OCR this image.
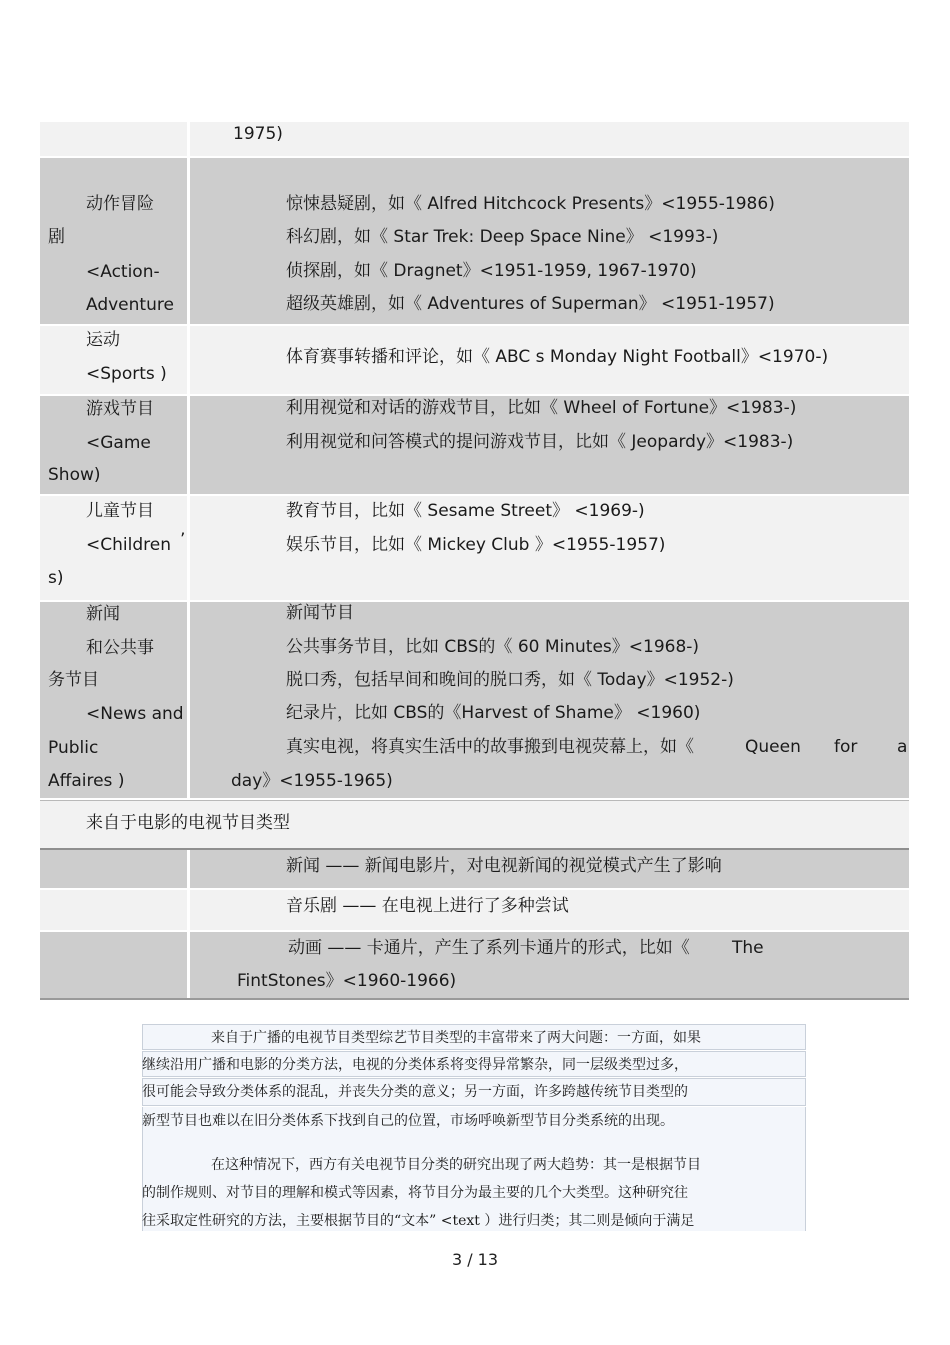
1975)
动作冒险
剧
<Action-
Adventure
惊悚悬疑剧，如《 Alfred Hitchcock Presents》<1955-1986)
科幻剧，如《 Star Trek: Deep Space Nine》 <1993-)
侦探剧，如《 Dragnet》<1951-1959, 1967-1970)
超级英雄剧，如《 Adventures of Superman》 <1951-1957)
运动
<Sports )
体育赛事转播和评论，如《 ABC s Monday Night Football》<1970-)
游戏节目
<Game
Show)
利用视觉和对话的游戏节目，比如《 Wheel of Fortune》<1983-)
利用视觉和问答模式的提问游戏节目，比如《 Jeopardy》<1983-)
儿童节目
<Children ’
s)
教育节目，比如《 Sesame Street》 <1969-)
娱乐节目，比如《 Mickey Club 》<1955-1957)
新闻
和公共事
务节目
<News and
Public
Affaires )
新闻节目
公共事务节目，比如 CBS的《 60 Minutes》<1968-)
脱口秀，包括早间和晚间的脱口秀，如《 Today》<1952-)
纪录片，比如 CBS的《Harvest of Shame》 <1960)
真实电视，将真实生活中的故事搬到电视荧幕上，如《	Queen for a
day》<1955-1965)
来自于电影的电视节目类型
新闻 —— 新闻电影片，对电视新闻的视觉模式产生了影响
音乐剧 —— 在电视上进行了多种尝试
动画 —— 卡通片，产生了系列卡通片的形式，比如《 The
FintStones》<1960-1966)
来自于广播的电视节目类型综艺节目类型的丰富带来了两大问题：一方面，如果
继续沿用广播和电影的分类方法，电视的分类体系将变得异常繁杂，同一层级类型过多，
很可能会导致分类体系的混乱，并丧失分类的意义；另一方面，许多跨越传统节目类型的
新型节目也难以在旧分类体系下找到自己的位置，市场呼唤新型节目分类系统的出现。
在这种情况下，西方有关电视节目分类的研究出现了两大趋势：其一是根据节目
的制作规则、对节目的理解和模式等因素，将节目分为最主要的几个大类型。这种研究往
往采取定性研究的方法，主要根据节目的“文本” <text ）进行归类；其二则是倾向于满足
3 / 13
